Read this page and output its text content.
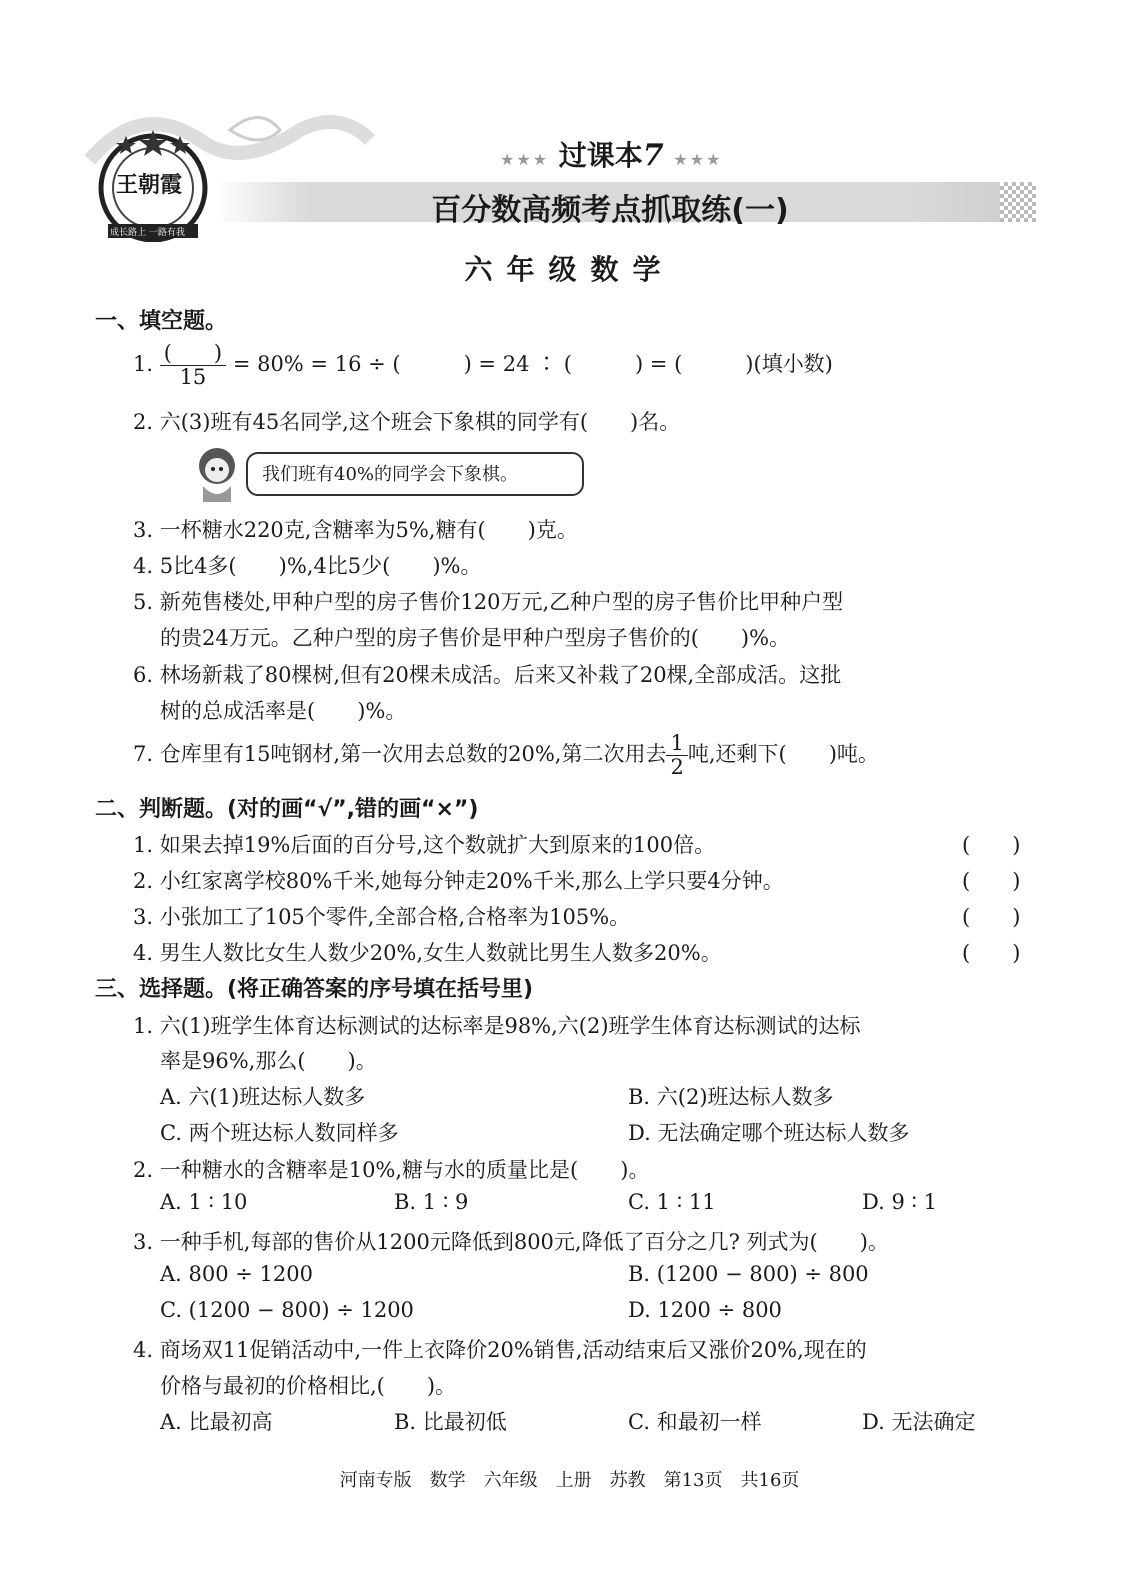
王朝霞
成长路上 一路有我
★★★ 过课本7 ★★★
百分数高频考点抓取练(一)
六年级数学
一、填空题。
1. $\frac{( )}{15} = 80\% = 16$ ÷ (　　　) = 24 ∶ (　　　) = (　　　)(填小数)
2. 六(3)班有45名同学,这个班会下象棋的同学有(　　)名。
我们班有40%的同学会下象棋。
3. 一杯糖水220克,含糖率为5%,糖有(　　)克。
4. 5比4多(　　)%,4比5少(　　)%。
5. 新苑售楼处,甲种户型的房子售价120万元,乙种户型的房子售价比甲种户型
的贵24万元。乙种户型的房子售价是甲种户型房子售价的(　　)%。
6. 林场新栽了80棵树,但有20棵未成活。后来又补栽了20棵,全部成活。这批
树的总成活率是(　　)%。
7. 仓库里有15吨钢材,第一次用去总数的20%,第二次用去 $\frac{1}{2}$ 吨,还剩下(　　)吨。
二、判断题。(对的画“√”,错的画“×”)
1. 如果去掉19%后面的百分号,这个数就扩大到原来的100倍。	(　　)
2. 小红家离学校80%千米,她每分钟走20%千米,那么上学只要4分钟。	(　　)
3. 小张加工了105个零件,全部合格,合格率为105%。	(　　)
4. 男生人数比女生人数少20%,女生人数就比男生人数多20%。	(　　)
三、选择题。(将正确答案的序号填在括号里)
1. 六(1)班学生体育达标测试的达标率是98%,六(2)班学生体育达标测试的达标
率是96%,那么(　　)。
A. 六(1)班达标人数多	B. 六(2)班达标人数多
C. 两个班达标人数同样多	D. 无法确定哪个班达标人数多
2. 一种糖水的含糖率是10%,糖与水的质量比是(　　)。
A. 1 ∶ 10	B. 1 ∶ 9	C. 1 ∶ 11	D. 9 ∶ 1
3. 一种手机,每部的售价从1200元降低到800元,降低了百分之几? 列式为(　　)。
A. 800 ÷ 1200	B. (1200 − 800) ÷ 800
C. (1200 − 800) ÷ 1200	D. 1200 ÷ 800
4. 商场双11促销活动中,一件上衣降价20%销售,活动结束后又涨价20%,现在的
价格与最初的价格相比,(　　)。
A. 比最初高	B. 比最初低	C. 和最初一样	D. 无法确定
河南专版　数学　六年级　上册　苏教　第13页　共16页
